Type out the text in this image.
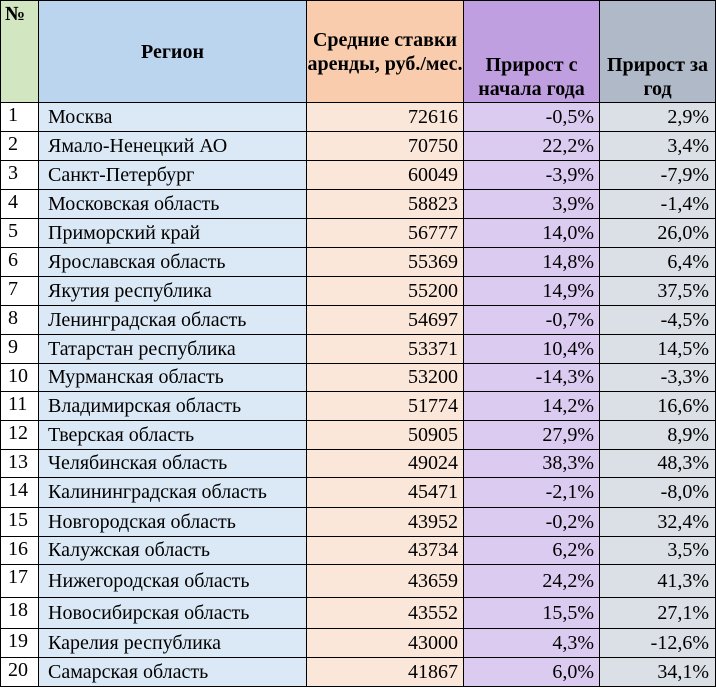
№	Регион	Средние ставки аренды, руб./мес.	Прирост с начала года	Прирост за год
1	Москва	72616	-0,5%	2,9%
2	Ямало-Ненецкий АО	70750	22,2%	3,4%
3	Санкт-Петербург	60049	-3,9%	-7,9%
4	Московская область	58823	3,9%	-1,4%
5	Приморский край	56777	14,0%	26,0%
6	Ярославская область	55369	14,8%	6,4%
7	Якутия республика	55200	14,9%	37,5%
8	Ленинградская область	54697	-0,7%	-4,5%
9	Татарстан республика	53371	10,4%	14,5%
10	Мурманская область	53200	-14,3%	-3,3%
11	Владимирская область	51774	14,2%	16,6%
12	Тверская область	50905	27,9%	8,9%
13	Челябинская область	49024	38,3%	48,3%
14	Калининградская область	45471	-2,1%	-8,0%
15	Новгородская область	43952	-0,2%	32,4%
16	Калужская область	43734	6,2%	3,5%
17	Нижегородская область	43659	24,2%	41,3%
18	Новосибирская область	43552	15,5%	27,1%
19	Карелия республика	43000	4,3%	-12,6%
20	Самарская область	41867	6,0%	34,1%
